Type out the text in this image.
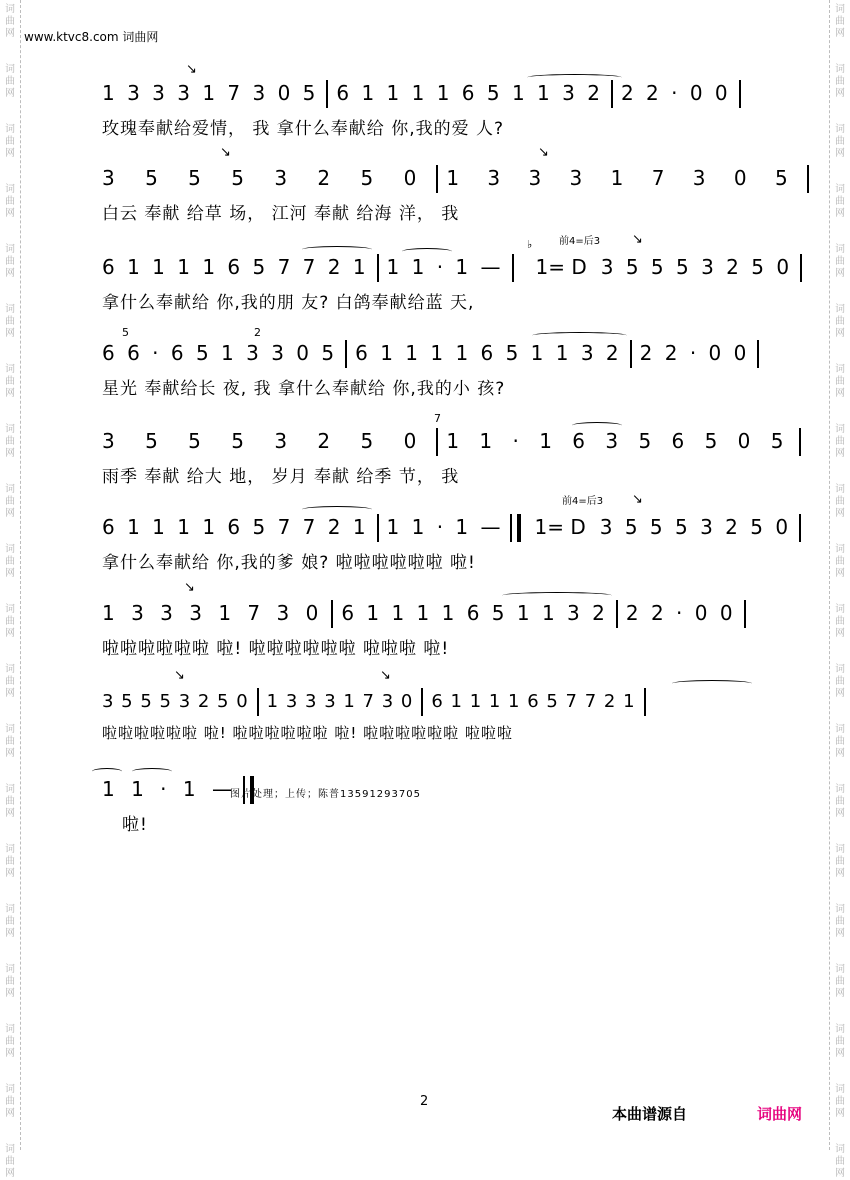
词
曲
网
词
曲
网
词
曲
网
词
曲
网
词
曲
网
词
曲
网
词
曲
网
词
曲
网
词
曲
网
词
曲
网
词
曲
网
词
曲
网
词
曲
网
词
曲
网
词
曲
网
词
曲
网
词
曲
网
词
曲
网
词
曲
网
词
曲
网
词
曲
网
词
曲
网
词
曲
网
词
曲
网
词
曲
网
词
曲
网
词
曲
网
词
曲
网
词
曲
网
词
曲
网
词
曲
网
词
曲
网
词
曲
网
词
曲
网
词
曲
网
词
曲
网
词
曲
网
词
曲
网
词
曲
网
词
曲
网
www.ktvc8.com 词曲网
1 3 3 3 1 7 3 0 5 6 1 1 1 1 6 5 1 1 3 2 2 2 · 0 0
↘
玫瑰奉献给爱情， 我 拿什么奉献给 你,我的爱 人?
3 5 5 5 3 2 5 0 1 3 3 3 1 7 3 0 5
↘	↘
白云 奉献 给草 场， 江河 奉献 给海 洋， 我
6 1 1 1 1 6 5 7 7 2 1 1 1 · 1 — 1= D 3 5 5 5 3 2 5 0
前4=后3
♭	↘
拿什么奉献给 你,我的朋 友? 白鸽奉献给蓝 天,
6 6 · 6 5 1 3 3 0 5 6 1 1 1 1 6 5 1 1 3 2 2 2 · 0 0
5	2
星光 奉献给长 夜, 我 拿什么奉献给 你,我的小 孩?
3 5 5 5 3 2 5 0 1 1 · 1 6 3 5 6 5 0 5
7
雨季 奉献 给大 地， 岁月 奉献 给季 节， 我
6 1 1 1 1 6 5 7 7 2 1 1 1 · 1 — 1= D 3 5 5 5 3 2 5 0
前4=后3 ↘
拿什么奉献给 你,我的爹 娘? 啦啦啦啦啦啦 啦!
1 3 3 3 1 7 3 0 6 1 1 1 1 6 5 1 1 3 2 2 2 · 0 0
↘
啦啦啦啦啦啦 啦! 啦啦啦啦啦啦 啦啦啦 啦!
3 5 5 5 3 2 5 0 1 3 3 3 1 7 3 0 6 1 1 1 1 6 5 7 7 2 1
↘	↘
啦啦啦啦啦啦 啦! 啦啦啦啦啦啦 啦! 啦啦啦啦啦啦 啦啦啦
1 1 · 1 —
啦!
图片处理；上传；陈普13591293705
2
本曲谱源自	词曲网
